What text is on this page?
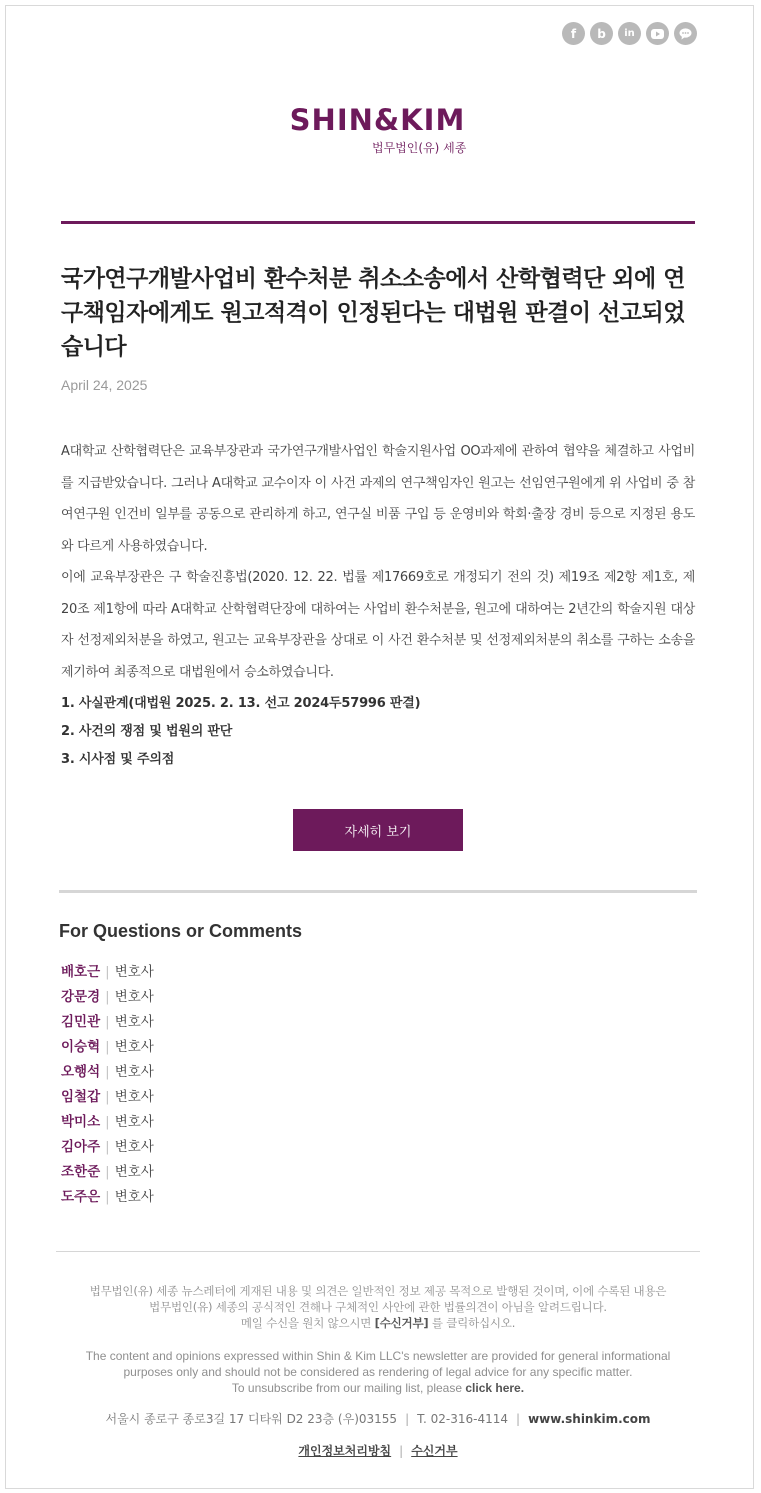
f	b	in
SHIN&KIM
법무법인(유) 세종
국가연구개발사업비 환수처분 취소소송에서 산학협력단 외에 연구책임자에게도 원고적격이 인정된다는 대법원 판결이 선고되었습니다
April 24, 2025

A대학교 산학협력단은 교육부장관과 국가연구개발사업인 학술지원사업 OO과제에 관하여 협약을 체결하고 사업비를 지급받았습니다. 그러나 A대학교 교수이자 이 사건 과제의 연구책임자인 원고는 선임연구원에게 위 사업비 중 참여연구원 인건비 일부를 공동으로 관리하게 하고, 연구실 비품 구입 등 운영비와 학회·출장 경비 등으로 지정된 용도와 다르게 사용하였습니다.

이에 교육부장관은 구 학술진흥법(2020. 12. 22. 법률 제17669호로 개정되기 전의 것) 제19조 제2항 제1호, 제20조 제1항에 따라 A대학교 산학협력단장에 대하여는 사업비 환수처분을, 원고에 대하여는 2년간의 학술지원 대상자 선정제외처분을 하였고, 원고는 교육부장관을 상대로 이 사건 환수처분 및 선정제외처분의 취소를 구하는 소송을 제기하여 최종적으로 대법원에서 승소하였습니다.

1. 사실관계(대법원 2025. 2. 13. 선고 2024두57996 판결)
2. 사건의 쟁점 및 법원의 판단
3. 시사점 및 주의점
자세히 보기
For Questions or Comments
배호근 | 변호사
강문경 | 변호사
김민관 | 변호사
이승혁 | 변호사
오행석 | 변호사
임철갑 | 변호사
박미소 | 변호사
김아주 | 변호사
조한준 | 변호사
도주은 | 변호사
법무법인(유) 세종 뉴스레터에 게재된 내용 및 의견은 일반적인 정보 제공 목적으로 발행된 것이며, 이에 수록된 내용은
법무법인(유) 세종의 공식적인 견해나 구체적인 사안에 관한 법률의견이 아님을 알려드립니다.
메일 수신을 원치 않으시면 [수신거부] 를 클릭하십시오.
The content and opinions expressed within Shin & Kim LLC's newsletter are provided for general informational
purposes only and should not be considered as rendering of legal advice for any specific matter.
To unsubscribe from our mailing list, please click here.
서울시 종로구 종로3길 17 디타워 D2 23층 (우)03155 | T. 02-316-4114 | www.shinkim.com
개인정보처리방침 | 수신거부
